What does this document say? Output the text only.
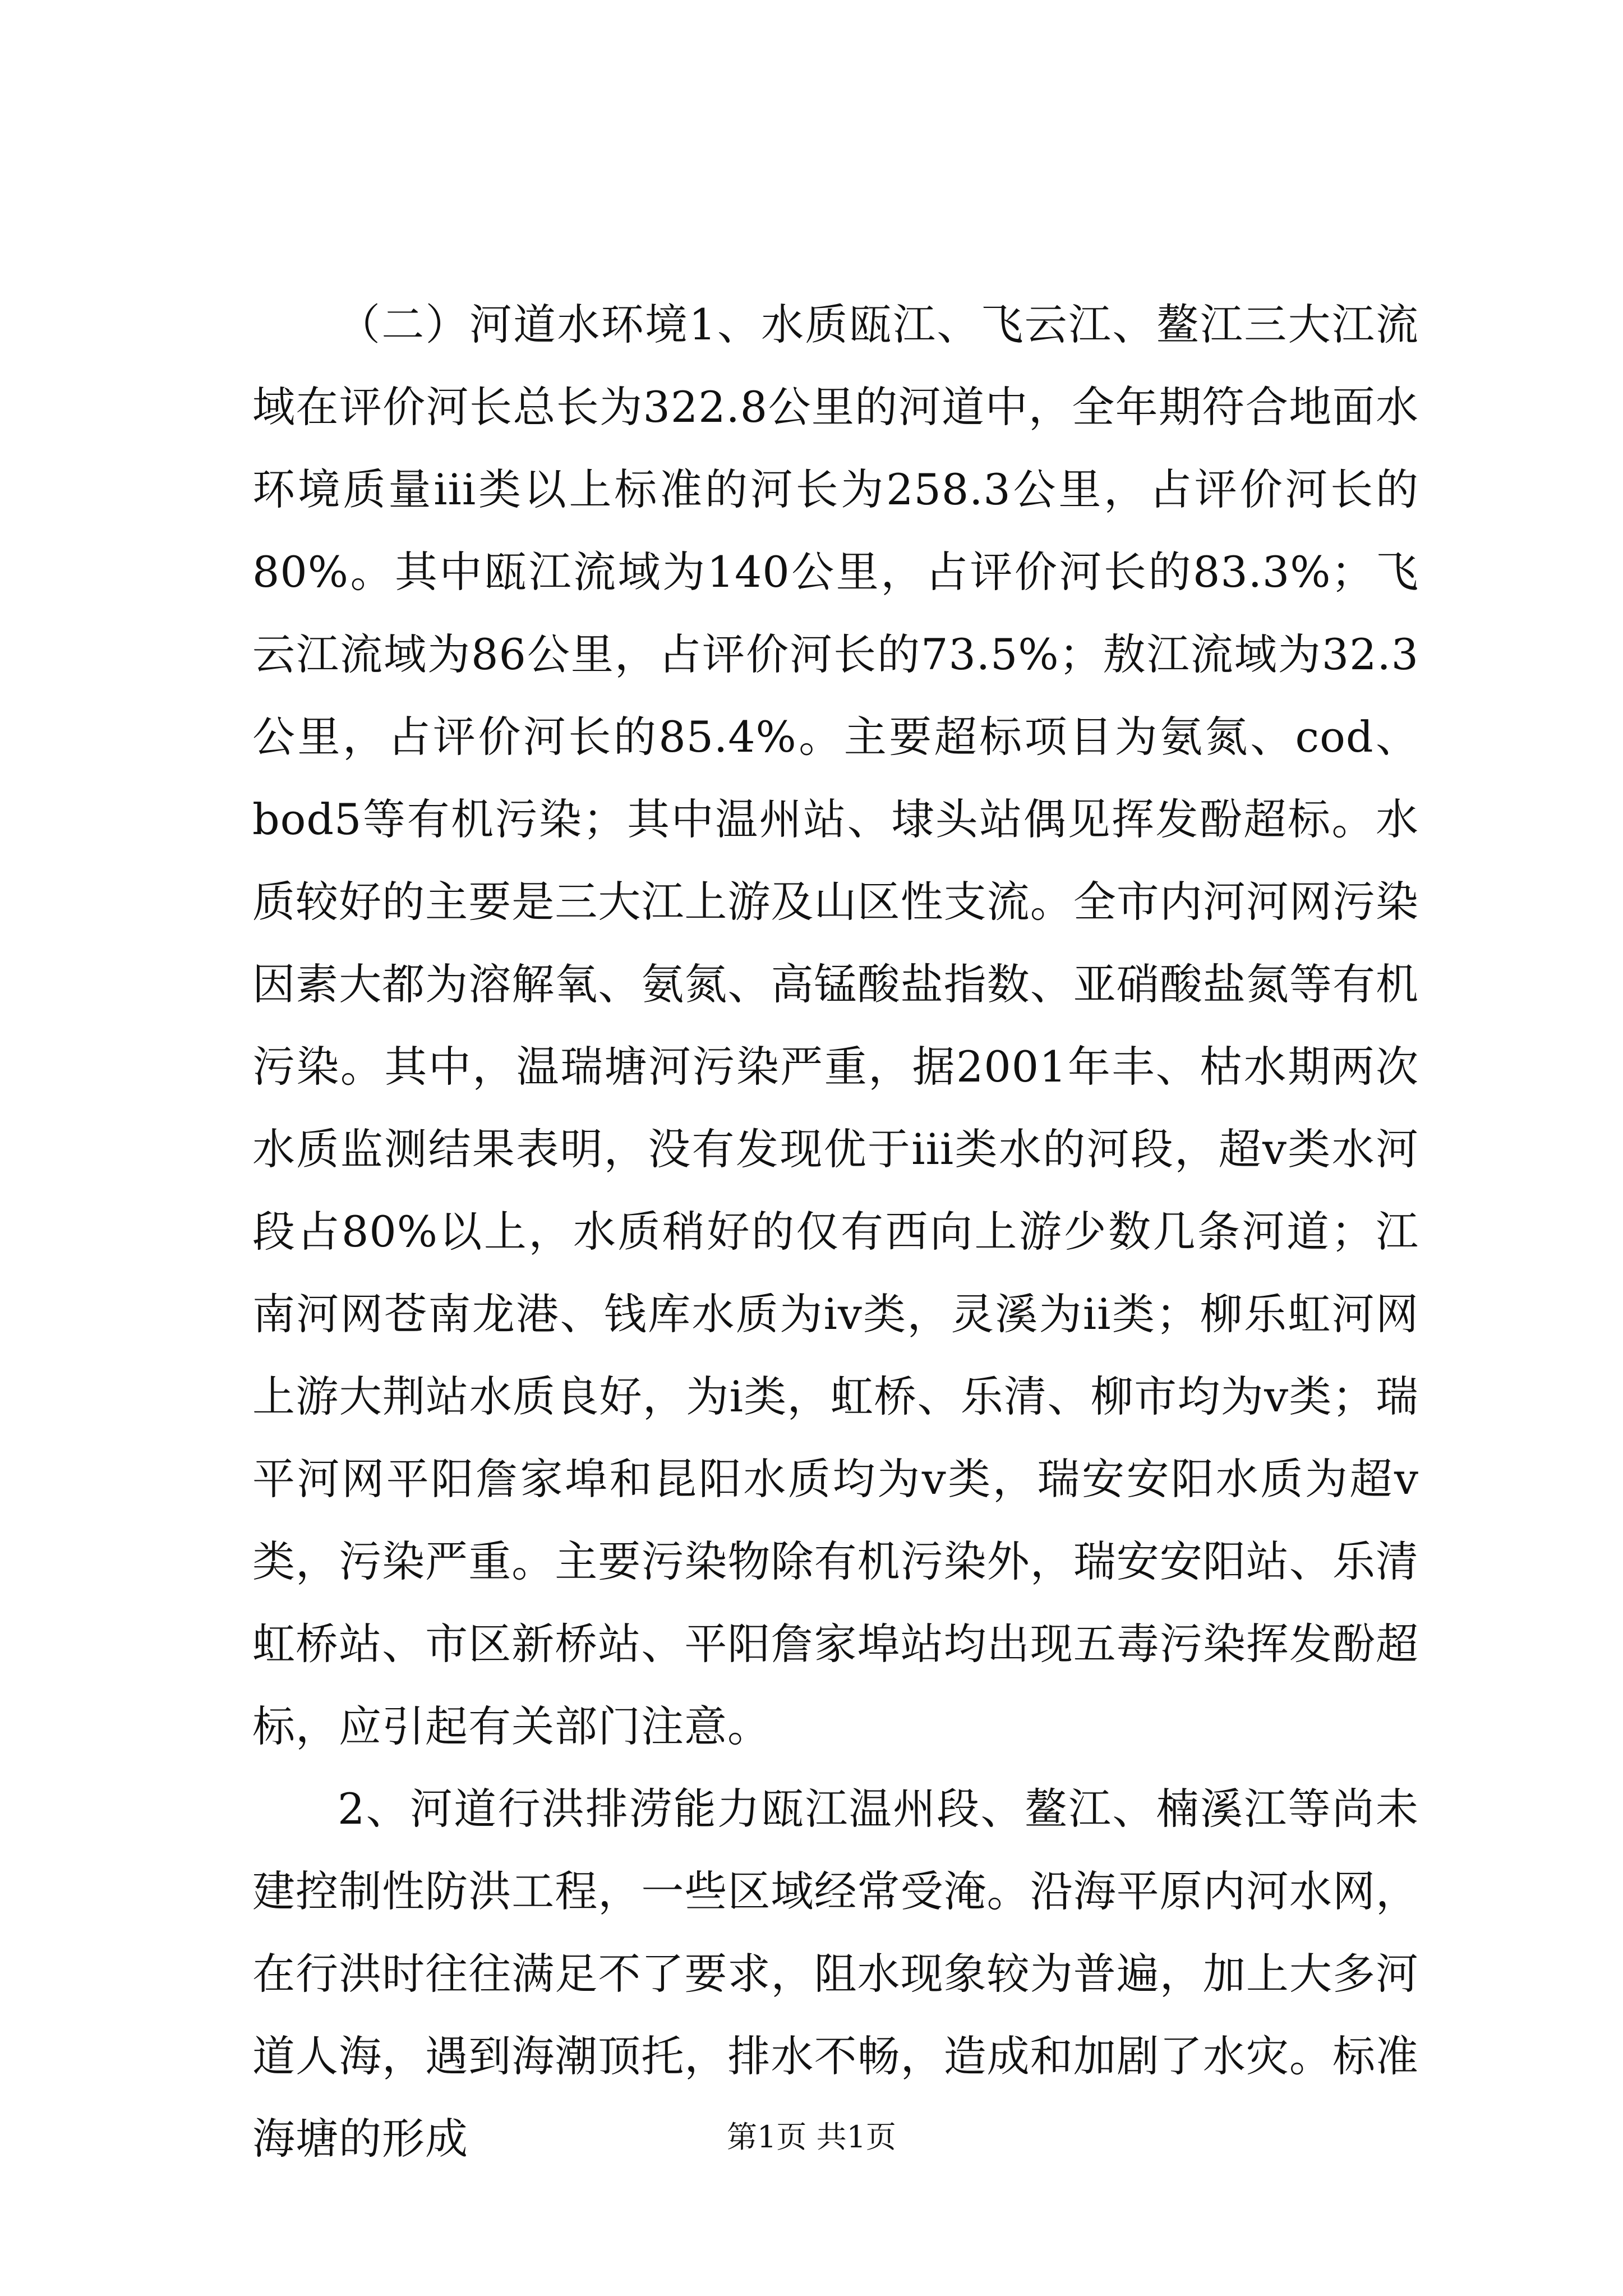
（二）河道水环境1、水质瓯江、飞云江、鳌江三大江流域在评价河长总长为322.8公里的河道中，全年期符合地面水环境质量iii类以上标准的河长为258.3公里，占评价河长的80%。其中瓯江流域为140公里，占评价河长的83.3%；飞云江流域为86公里，占评价河长的73.5%；敖江流域为32.3公里，占评价河长的85.4%。主要超标项目为氨氮、cod、bod5等有机污染；其中温州站、埭头站偶见挥发酚超标。水质较好的主要是三大江上游及山区性支流。全市内河河网污染因素大都为溶解氧、氨氮、高锰酸盐指数、亚硝酸盐氮等有机污染。其中，温瑞塘河污染严重，据2001年丰、枯水期两次水质监测结果表明，没有发现优于iii类水的河段，超v类水河段占80%以上，水质稍好的仅有西向上游少数几条河道；江南河网苍南龙港、钱库水质为iv类，灵溪为ii类；柳乐虹河网上游大荆站水质良好，为i类，虹桥、乐清、柳市均为v类；瑞平河网平阳詹家埠和昆阳水质均为v类，瑞安安阳水质为超v类，污染严重。主要污染物除有机污染外，瑞安安阳站、乐清虹桥站、市区新桥站、平阳詹家埠站均出现五毒污染挥发酚超标，应引起有关部门注意。

2、河道行洪排涝能力瓯江温州段、鳌江、楠溪江等尚未建控制性防洪工程，一些区域经常受淹。沿海平原内河水网，在行洪时往往满足不了要求，阻水现象较为普遍，加上大多河道人海，遇到海潮顶托，排水不畅，造成和加剧了水灾。标准海塘的形成	第1页 共1页
